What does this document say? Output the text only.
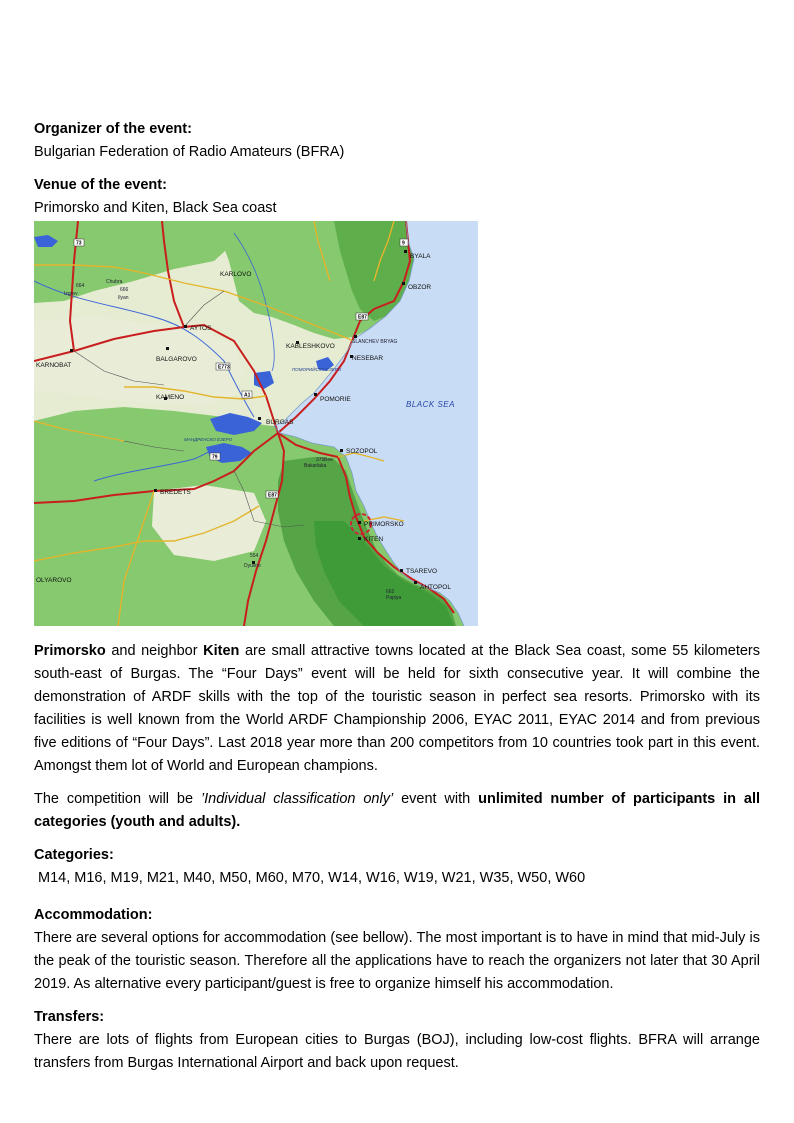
Organizer of the event:

Bulgarian Federation of Radio Amateurs (BFRA)

Venue of the event:

Primorsko and Kiten, Black Sea coast

BYALA
OBZOR
AYTOS
KARLOVO
KARNOBAT
BALGAROVO
KABLESHKOVO
SLANCHEV BRYAG
NESEBAR
POMORIE
KAMENO
BURGAS
SOZOPOL
Bakarlaka
Bee
BREDETS
PRIMORSKO
KITEN
TSAREVO
AHTOPOL
OLYAROVO
Izgrev
Papiya
Ilyan
Dyulino
Chubra
664
666
375
554
662
ПОМОРИЙСКО ЕЗЕРО
МАНДРЕНСКО ЕЗЕРО
E87
E773
A1
E87
79
73	9
BLACK SEA

Primorsko and neighbor Kiten are small attractive towns located at the Black Sea coast, some 55 kilometers south-east of Burgas. The “Four Days” event will be held for sixth consecutive year. It will combine the demonstration of ARDF skills with the top of the touristic season in perfect sea resorts. Primorsko with its facilities is well known from the World ARDF Championship 2006, EYAC 2011, EYAC 2014 and from previous five editions of “Four Days”. Last 2018 year more than 200 competitors from 10 countries took part in this event. Amongst them lot of World and European champions.

The competition will be ’Individual classification only’ event with unlimited number of participants in all categories (youth and adults).

Categories:

M14, M16, M19, M21, M40, M50, M60, M70, W14, W16, W19, W21, W35, W50, W60

Accommodation:

There are several options for accommodation (see bellow). The most important is to have in mind that mid-July is the peak of the touristic season. Therefore all the applications have to reach the organizers not later that 30 April 2019. As alternative every participant/guest is free to organize himself his accommodation.

Transfers:

There are lots of flights from European cities to Burgas (BOJ), including low-cost flights. BFRA will arrange transfers from Burgas International Airport and back upon request.
